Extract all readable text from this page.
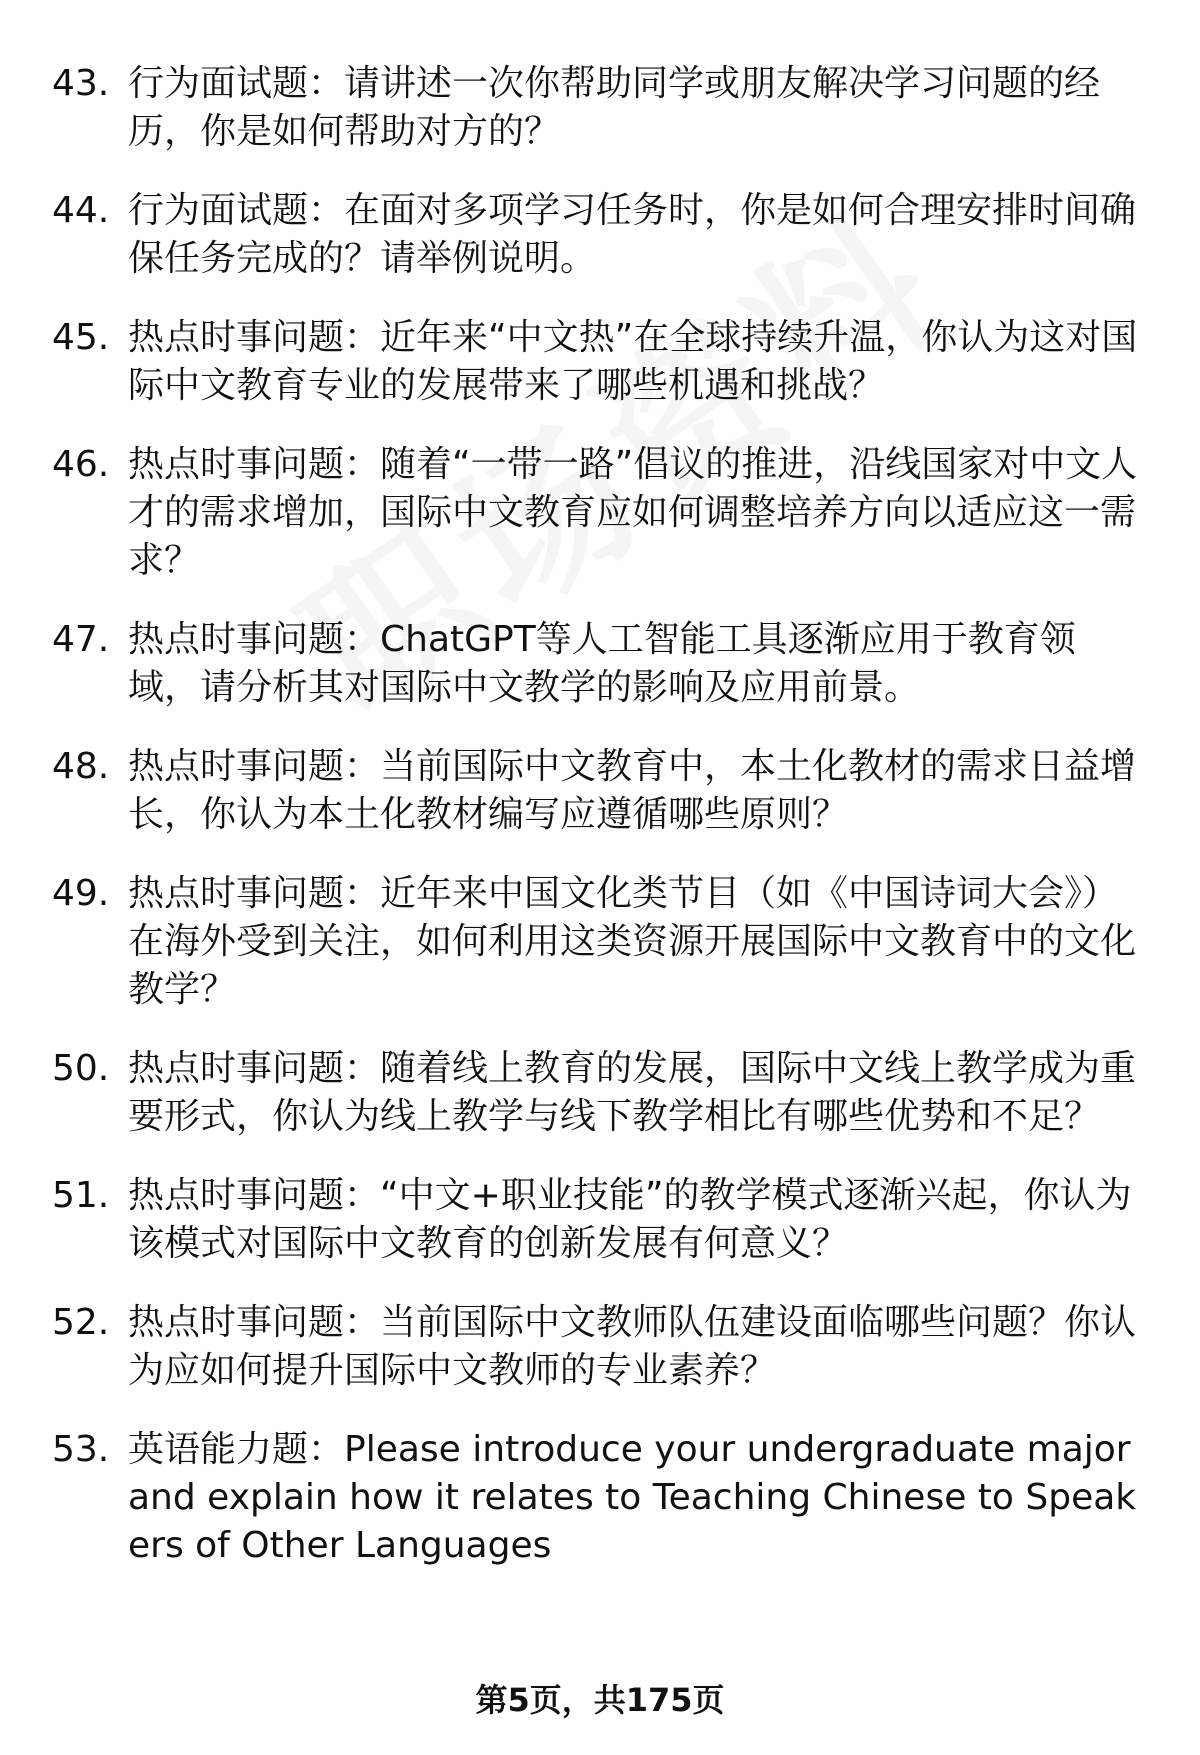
43. 行为面试题：请讲述一次你帮助同学或朋友解决学习问题的经历，你是如何帮助对方的？
44. 行为面试题：在面对多项学习任务时，你是如何合理安排时间确保任务完成的？请举例说明。
45. 热点时事问题：近年来“中文热”在全球持续升温，你认为这对国际中文教育专业的发展带来了哪些机遇和挑战？
46. 热点时事问题：随着“一带一路”倡议的推进，沿线国家对中文人才的需求增加，国际中文教育应如何调整培养方向以适应这一需求？
47. 热点时事问题：ChatGPT等人工智能工具逐渐应用于教育领域，请分析其对国际中文教学的影响及应用前景。
48. 热点时事问题：当前国际中文教育中，本土化教材的需求日益增长，你认为本土化教材编写应遵循哪些原则？
49. 热点时事问题：近年来中国文化类节目（如《中国诗词大会》）在海外受到关注，如何利用这类资源开展国际中文教育中的文化教学？
50. 热点时事问题：随着线上教育的发展，国际中文线上教学成为重要形式，你认为线上教学与线下教学相比有哪些优势和不足？
51. 热点时事问题：“中文+职业技能”的教学模式逐渐兴起，你认为该模式对国际中文教育的创新发展有何意义？
52. 热点时事问题：当前国际中文教师队伍建设面临哪些问题？你认为应如何提升国际中文教师的专业素养？
53. 英语能力题：Please introduce your undergraduate major and explain how it relates to Teaching Chinese to Speakers of Other Languages
第5页，共175页
